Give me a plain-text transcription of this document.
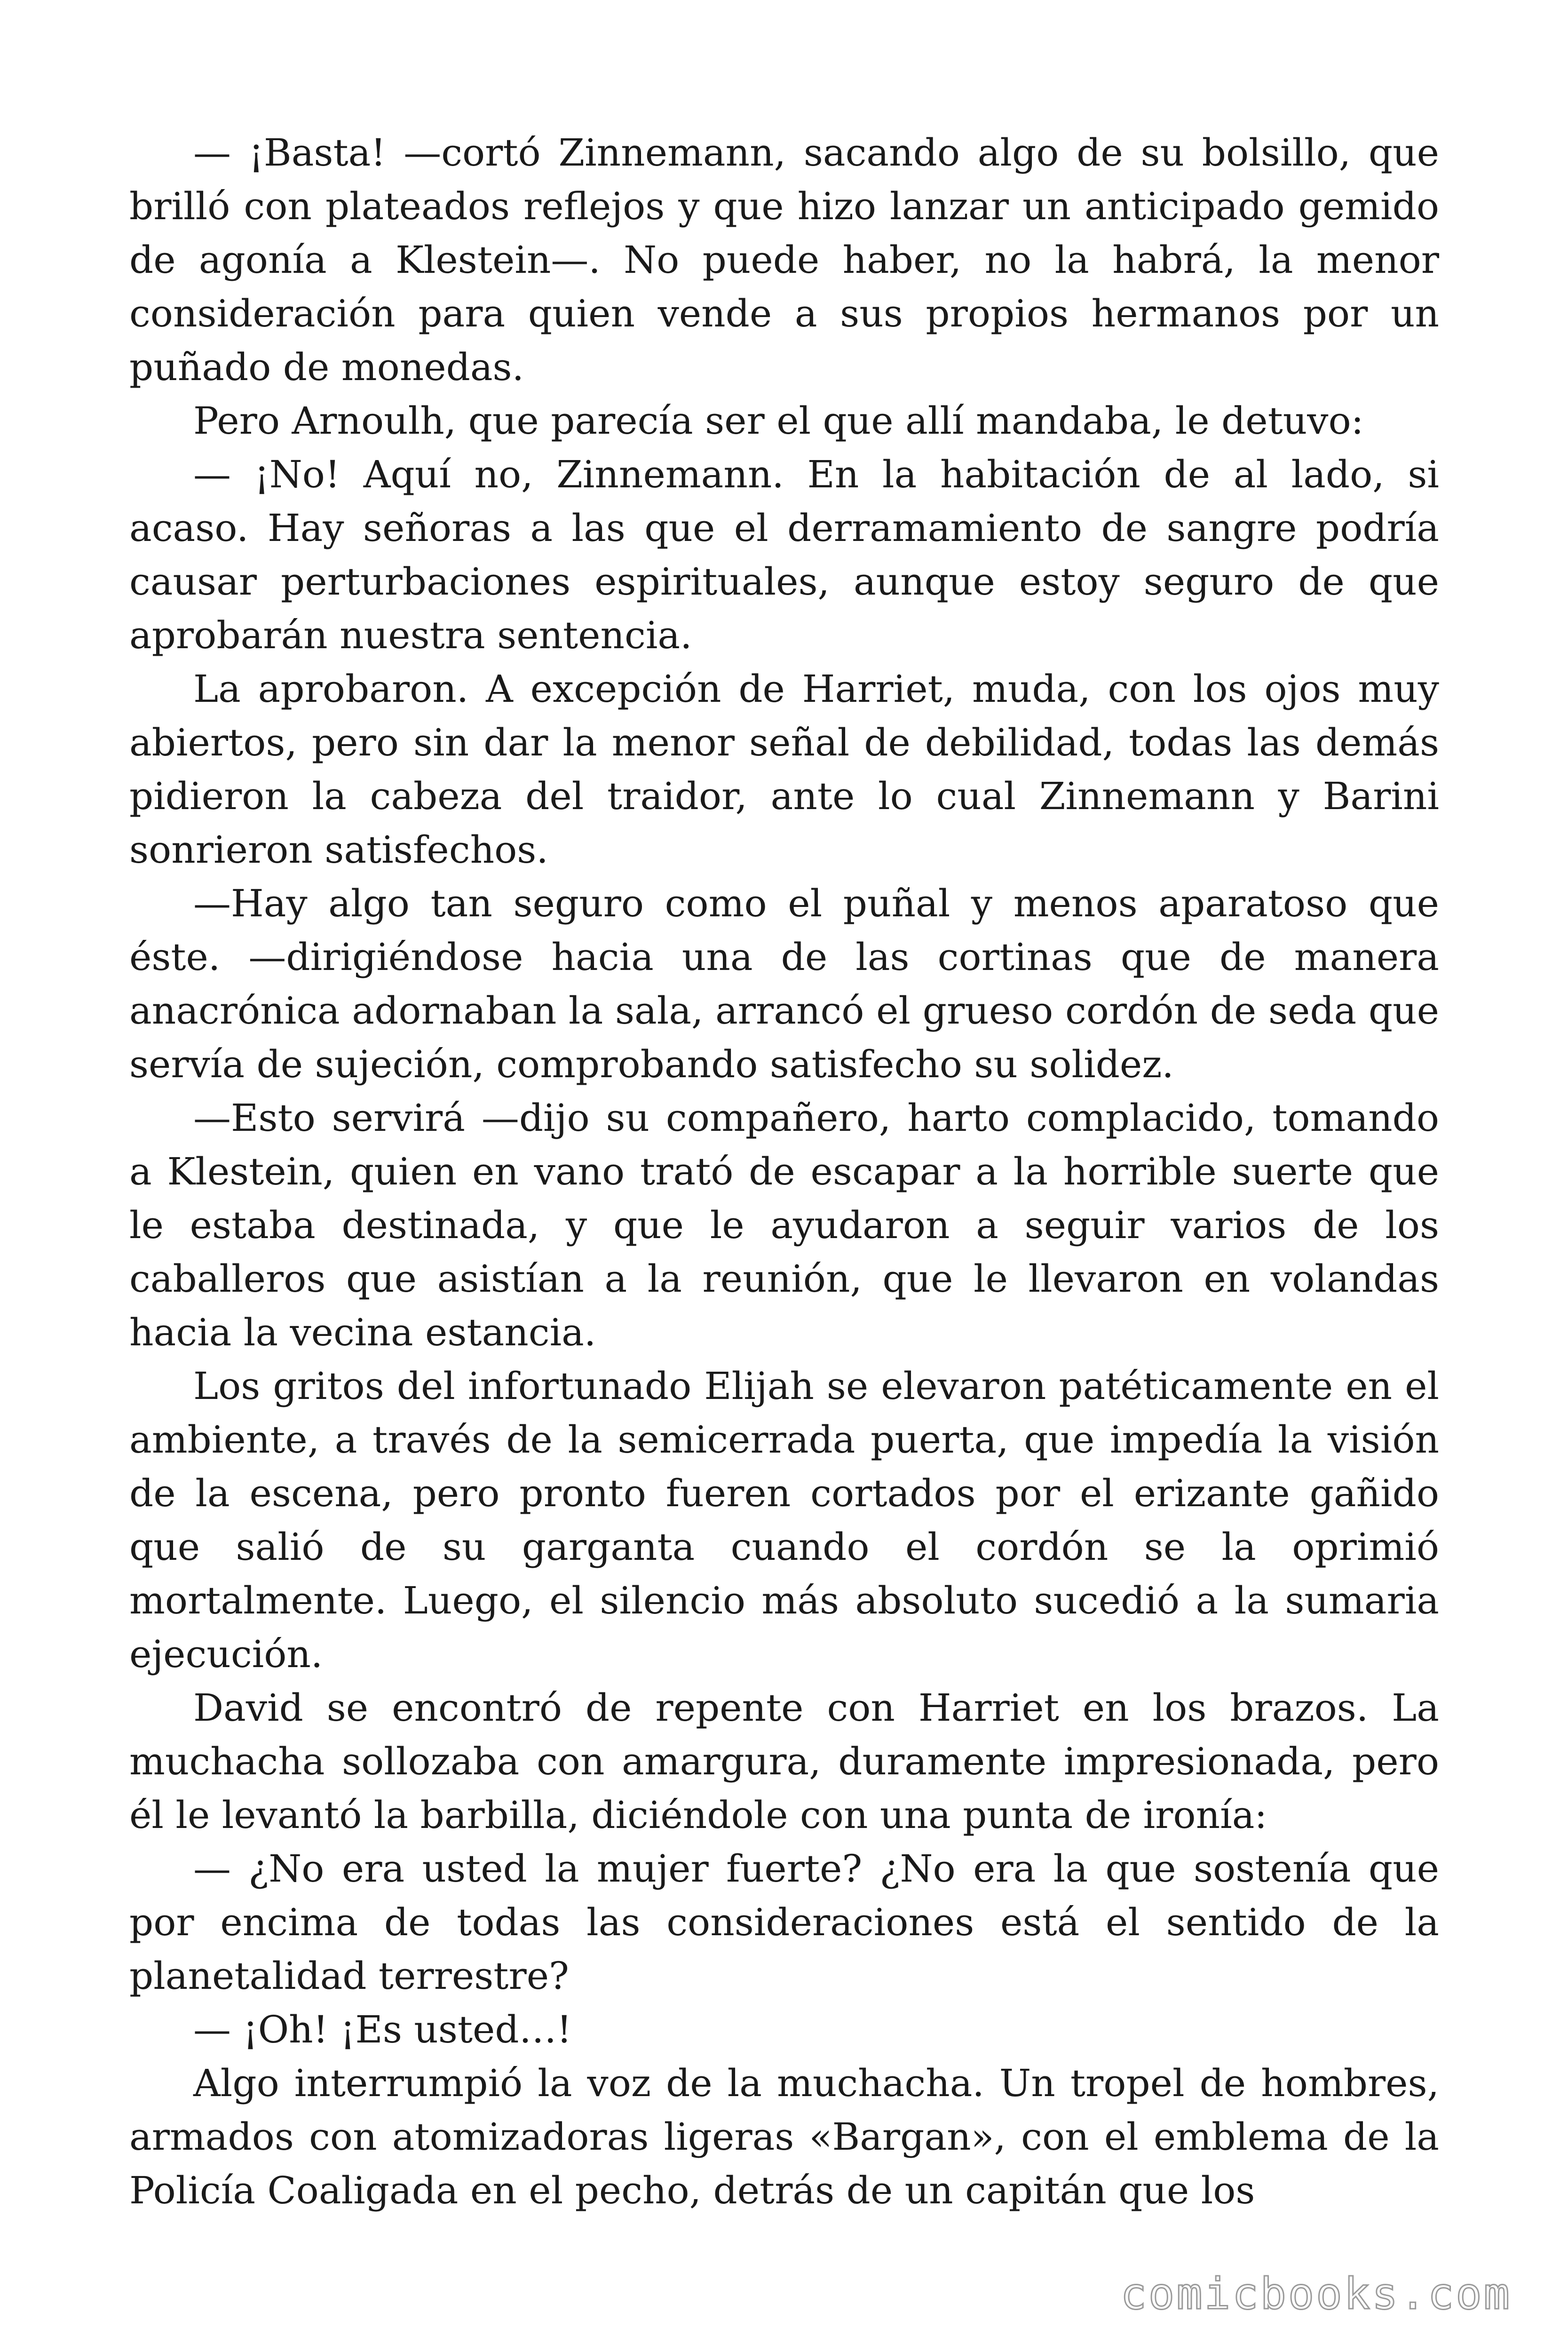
— ¡Basta! —cortó Zinnemann, sacando algo de su bolsillo, que brilló con plateados reflejos y que hizo lanzar un anticipado gemido de agonía a Klestein—. No puede haber, no la habrá, la menor consideración para quien vende a sus propios hermanos por un puñado de monedas.

Pero Arnoulh, que parecía ser el que allí mandaba, le detuvo:

— ¡No! Aquí no, Zinnemann. En la habitación de al lado, si acaso. Hay señoras a las que el derramamiento de sangre podría causar perturbaciones espirituales, aunque estoy seguro de que aprobarán nuestra sentencia.

La aprobaron. A excepción de Harriet, muda, con los ojos muy abiertos, pero sin dar la menor señal de debilidad, todas las demás pidieron la cabeza del traidor, ante lo cual Zinnemann y Barini sonrieron satisfechos.

—Hay algo tan seguro como el puñal y menos aparatoso que éste. —dirigiéndose hacia una de las cortinas que de manera anacrónica adornaban la sala, arrancó el grueso cordón de seda que servía de sujeción, comprobando satisfecho su solidez.

—Esto servirá —dijo su compañero, harto complacido, tomando a Klestein, quien en vano trató de escapar a la horrible suerte que le estaba destinada, y que le ayudaron a seguir varios de los caballeros que asistían a la reunión, que le llevaron en volandas hacia la vecina estancia.

Los gritos del infortunado Elijah se elevaron patéticamente en el ambiente, a través de la semicerrada puerta, que impedía la visión de la escena, pero pronto fueren cortados por el erizante gañido que salió de su garganta cuando el cordón se la oprimió mortalmente. Luego, el silencio más absoluto sucedió a la sumaria ejecución.

David se encontró de repente con Harriet en los brazos. La muchacha sollozaba con amargura, duramente impresionada, pero él le levantó la barbilla, diciéndole con una punta de ironía:

— ¿No era usted la mujer fuerte? ¿No era la que sostenía que por encima de todas las consideraciones está el sentido de la planetalidad terrestre?

— ¡Oh! ¡Es usted…!

Algo interrumpió la voz de la muchacha. Un tropel de hombres, armados con atomizadoras ligeras «Bargan», con el emblema de la Policía Coaligada en el pecho, detrás de un capitán que los

comicbooks.com
